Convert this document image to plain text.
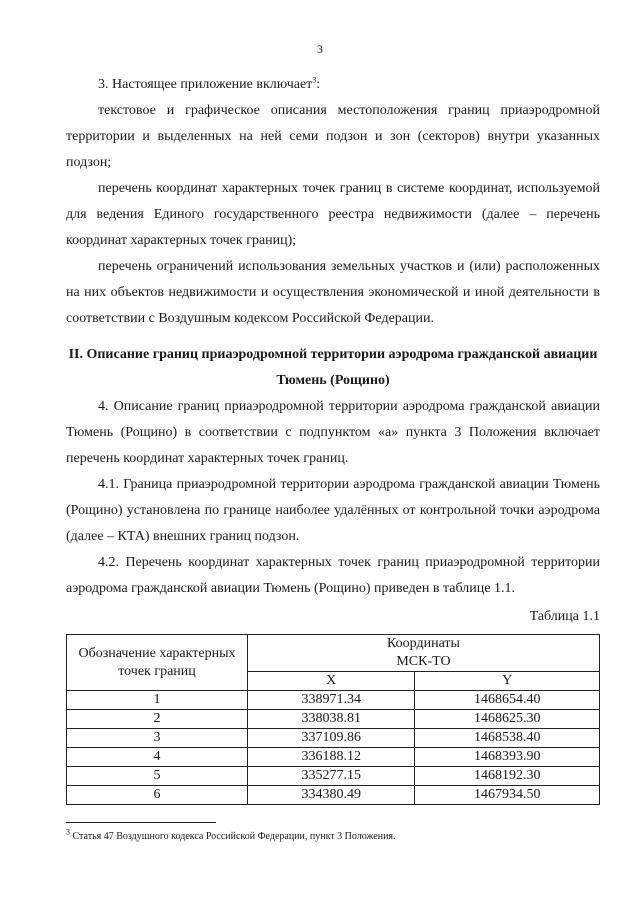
3

3. Настоящее приложение включает$^3$:

текстовое и графическое описания местоположения границ приаэродромной территории и выделенных на ней семи подзон и зон (секторов) внутри указанных подзон;

перечень координат характерных точек границ в системе координат, используемой для ведения Единого государственного реестра недвижимости (далее – перечень координат характерных точек границ);

перечень ограничений использования земельных участков и (или) расположенных на них объектов недвижимости и осуществления экономической и иной деятельности в соответствии с Воздушным кодексом Российской Федерации.

II. Описание границ приаэродромной территории аэродрома гражданской авиации Тюмень (Рощино)

4. Описание границ приаэродромной территории аэродрома гражданской авиации Тюмень (Рощино) в соответствии с подпунктом «а» пункта 3 Положения включает перечень координат характерных точек границ.

4.1. Граница приаэродромной территории аэродрома гражданской авиации Тюмень (Рощино) установлена по границе наиболее удалённых от контрольной точки аэродрома (далее – КТА) внешних границ подзон.

4.2. Перечень координат характерных точек границ приаэродромной территории аэродрома гражданской авиации Тюмень (Рощино) приведен в таблице 1.1.

Таблица 1.1
Обозначение характерных точек границ	Координаты
МСК-ТО	

	X	Y
1	338971.34	1468654.40
2	338038.81	1468625.30
3	337109.86	1468538.40
4	336188.12	1468393.90
5	335277.15	1468192.30
6	334380.49	1467934.50
$^3$ Статья 47 Воздушного кодекса Российской Федерации, пункт 3 Положения.
